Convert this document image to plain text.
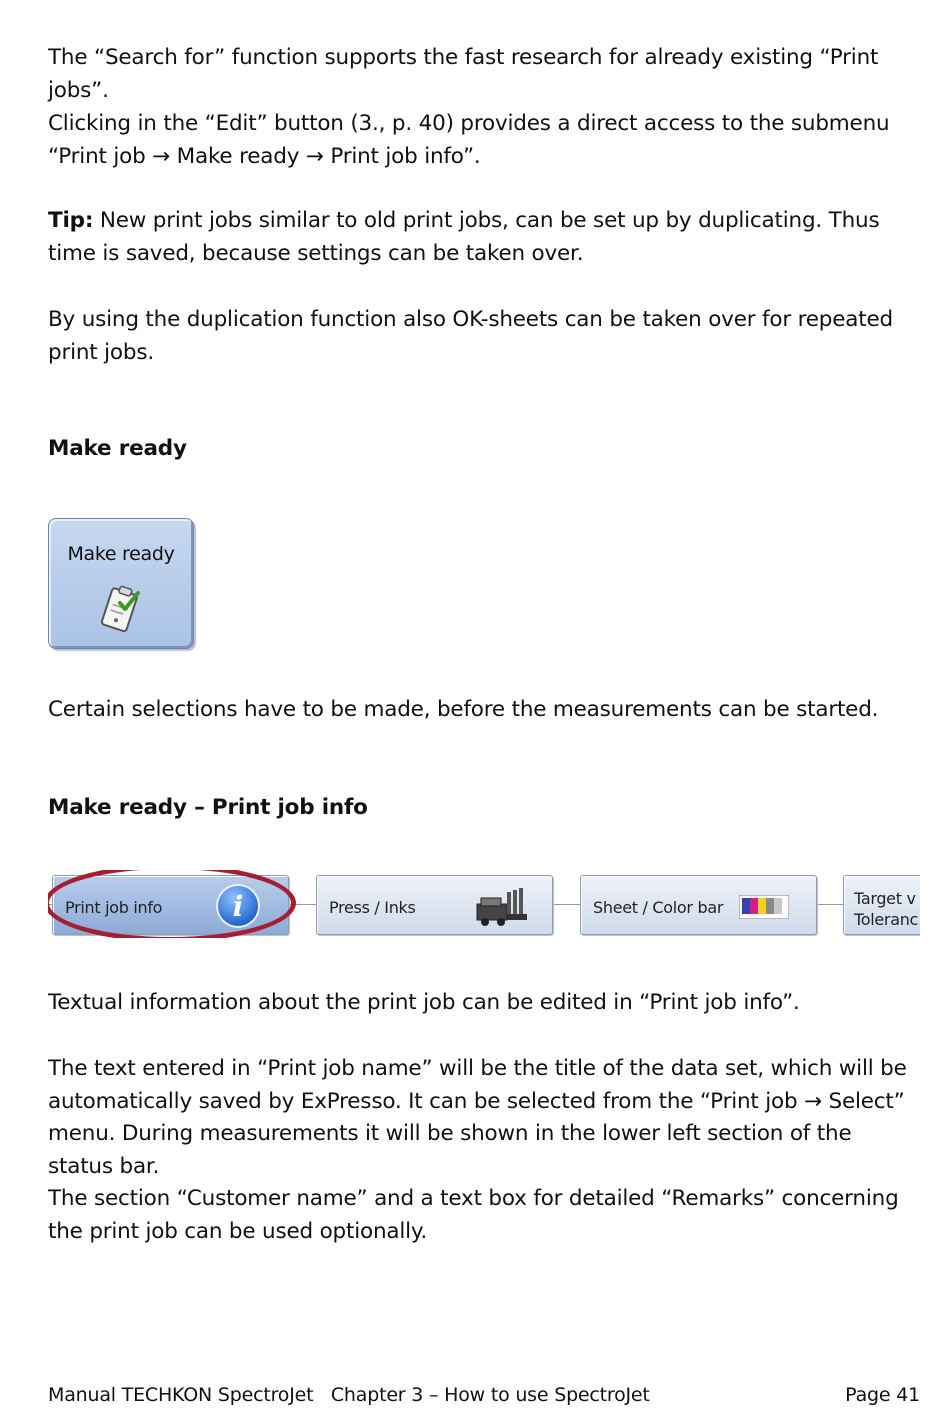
The “Search for” function supports the fast research for already existing “Print jobs”.

Clicking in the “Edit” button (3., p. 40) provides a direct access to the submenu “Print job → Make ready → Print job info”.

Tip: New print jobs similar to old print jobs, can be set up by duplicating. Thus time is saved, because settings can be taken over.

By using the duplication function also OK-sheets can be taken over for repeated print jobs.

Make ready

Make ready

Certain selections have to be made, before the measurements can be started.

Make ready – Print job info

Print job info	i	Press / Inks	Sheet / Color bar	Target v
Toleranc

Textual information about the print job can be edited in “Print job info”.

The text entered in “Print job name” will be the title of the data set, which will be automatically saved by ExPresso. It can be selected from the “Print job → Select” menu. During measurements it will be shown in the lower left section of the status bar.

The section “Customer name” and a text box for detailed “Remarks” concerning the print job can be used optionally.

Manual TECHKON SpectroJet   Chapter 3 – How to use SpectroJet	Page 41
